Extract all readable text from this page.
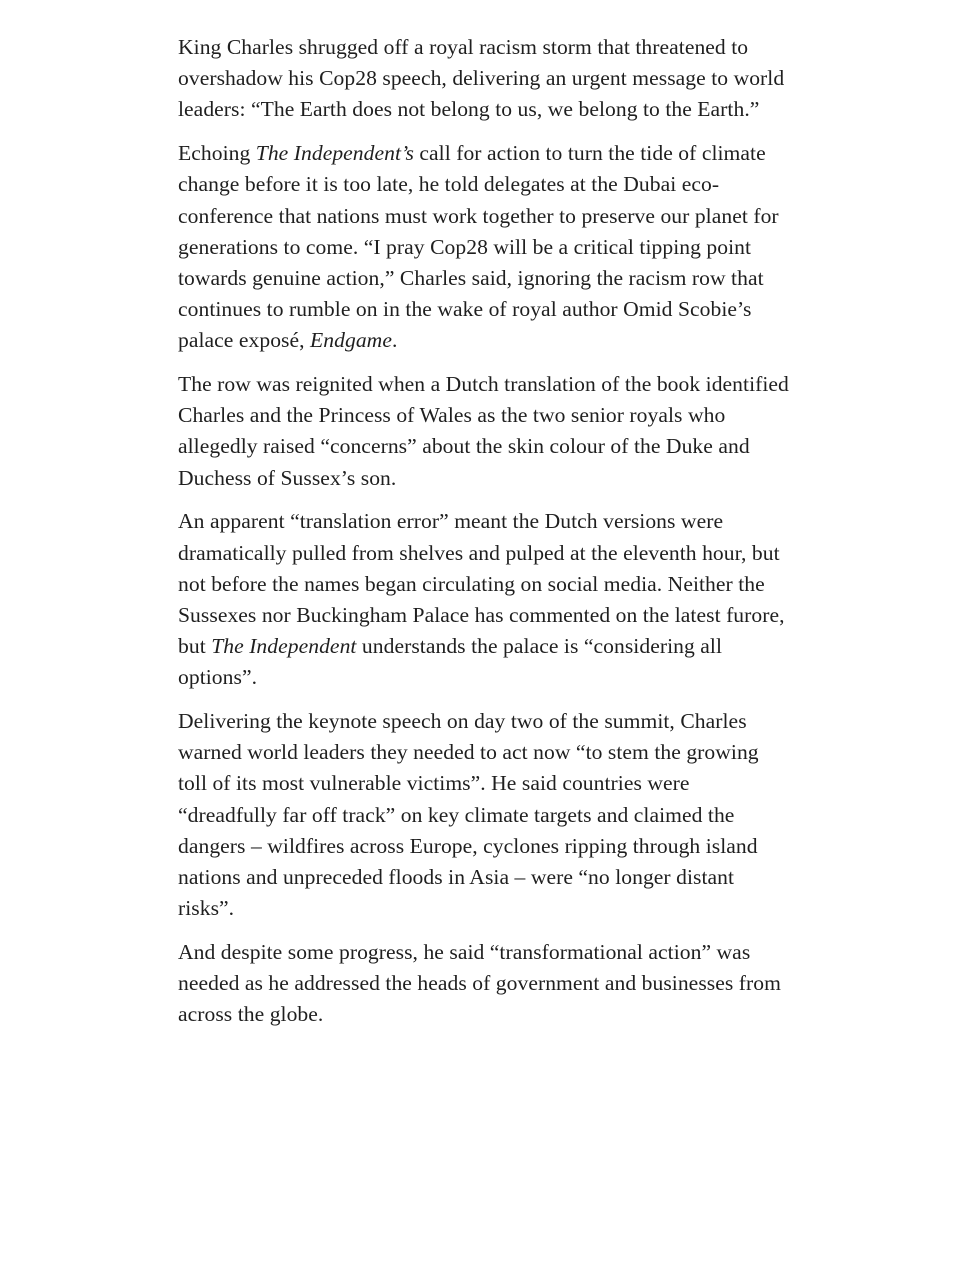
King Charles shrugged off a royal racism storm that threatened to overshadow his Cop28 speech, delivering an urgent message to world leaders: “The Earth does not belong to us, we belong to the Earth.”

Echoing The Independent’s call for action to turn the tide of climate change before it is too late, he told delegates at the Dubai eco-conference that nations must work together to preserve our planet for generations to come. “I pray Cop28 will be a critical tipping point towards genuine action,” Charles said, ignoring the racism row that continues to rumble on in the wake of royal author Omid Scobie’s palace exposé, Endgame.

The row was reignited when a Dutch translation of the book identified Charles and the Princess of Wales as the two senior royals who allegedly raised “concerns” about the skin colour of the Duke and Duchess of Sussex’s son.

An apparent “translation error” meant the Dutch versions were dramatically pulled from shelves and pulped at the eleventh hour, but not before the names began circulating on social media. Neither the Sussexes nor Buckingham Palace has commented on the latest furore, but The Independent understands the palace is “considering all options”.

Delivering the keynote speech on day two of the summit, Charles warned world leaders they needed to act now “to stem the growing toll of its most vulnerable victims”. He said countries were “dreadfully far off track” on key climate targets and claimed the dangers – wildfires across Europe, cyclones ripping through island nations and unpreceded floods in Asia – were “no longer distant risks”.

And despite some progress, he said “transformational action” was needed as he addressed the heads of government and businesses from across the globe.
